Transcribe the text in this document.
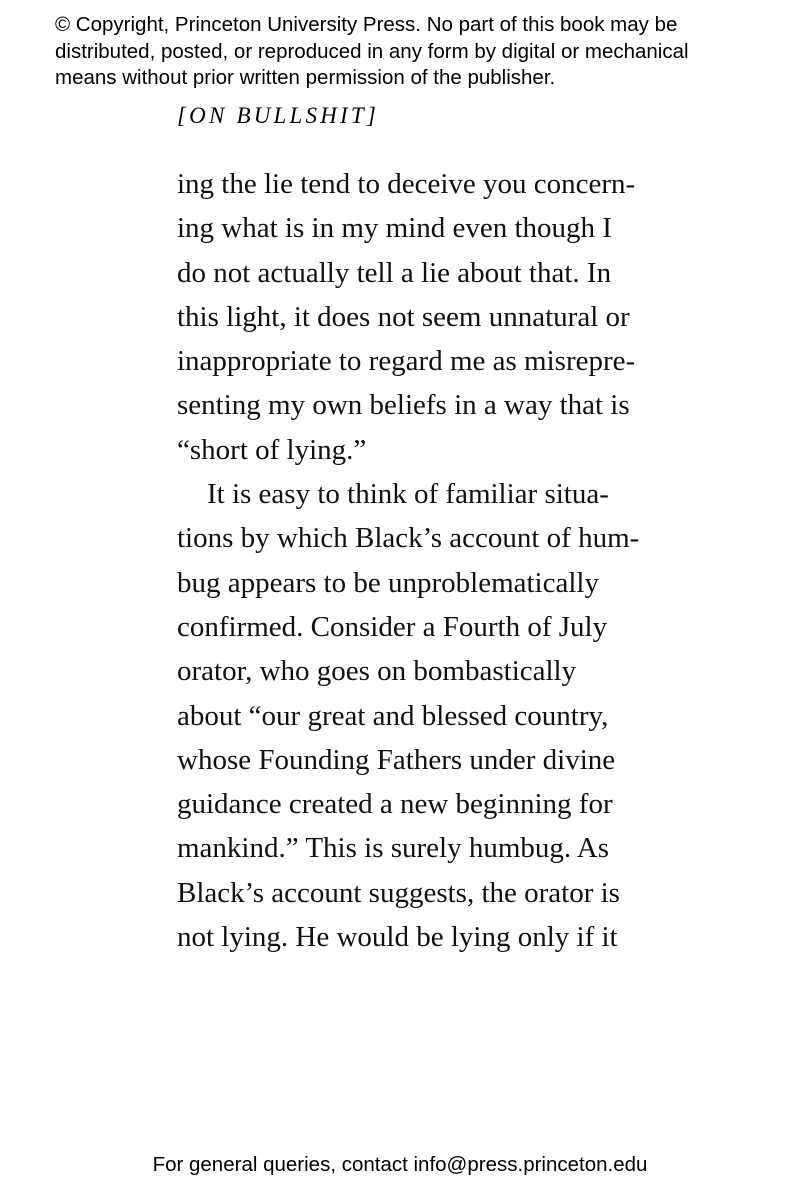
© Copyright, Princeton University Press. No part of this book may be
distributed, posted, or reproduced in any form by digital or mechanical
means without prior written permission of the publisher.
[ON BULLSHIT]
ing the lie tend to deceive you concern-
ing what is in my mind even though I
do not actually tell a lie about that. In
this light, it does not seem unnatural or
inappropriate to regard me as misrepre-
senting my own beliefs in a way that is
“short of lying.”
It is easy to think of familiar situa-
tions by which Black’s account of hum-
bug appears to be unproblematically
confirmed. Consider a Fourth of July
orator, who goes on bombastically
about “our great and blessed country,
whose Founding Fathers under divine
guidance created a new beginning for
mankind.” This is surely humbug. As
Black’s account suggests, the orator is
not lying. He would be lying only if it
For general queries, contact info@press.princeton.edu
